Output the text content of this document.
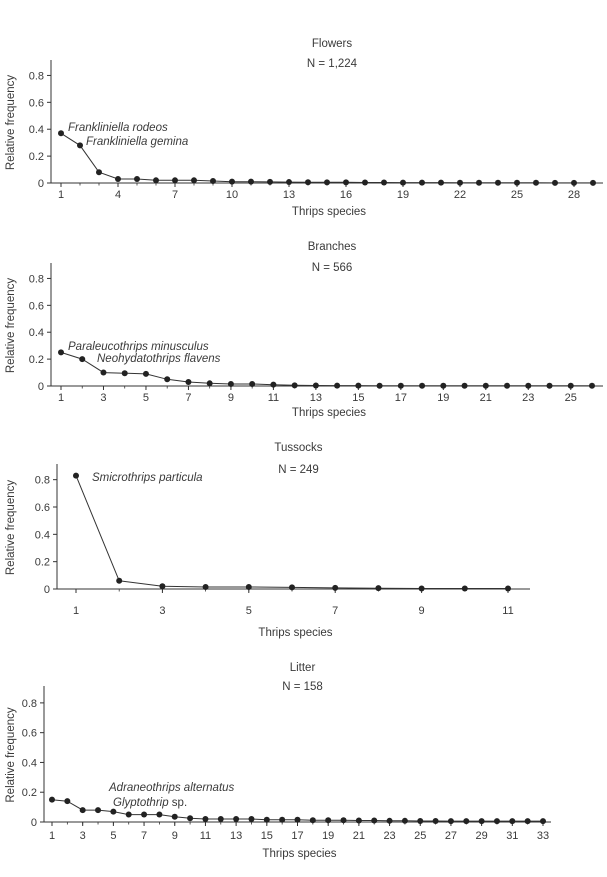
Flowers
N = 1,224
0
0.2
0.4
0.6
0.8
1	4	7	10	13	16	19	22	25	28
Thrips species
Relative frequency	Frankliniella rodeos
Frankliniella gemina
Branches
N = 566
0
0.2
0.4
0.6
0.8
1	3	5	7	9	11	13	15	17	19	21	23	25
Thrips species
Relative frequency	Paraleucothrips minusculus
Neohydatothrips flavens
Tussocks
N = 249
0
0.2
0.4
0.6
0.8
1	3	5	7	9	11
Thrips species
Relative frequency
Smicrothrips particula
Litter
N = 158
0
0.2
0.4
0.6
0.8
1 3 5 7 9 11 13 15 17 19 21 23 25 27 29 31 33
Thrips species
Relative frequency	Adraneothrips alternatus
Glyptothrip sp.
